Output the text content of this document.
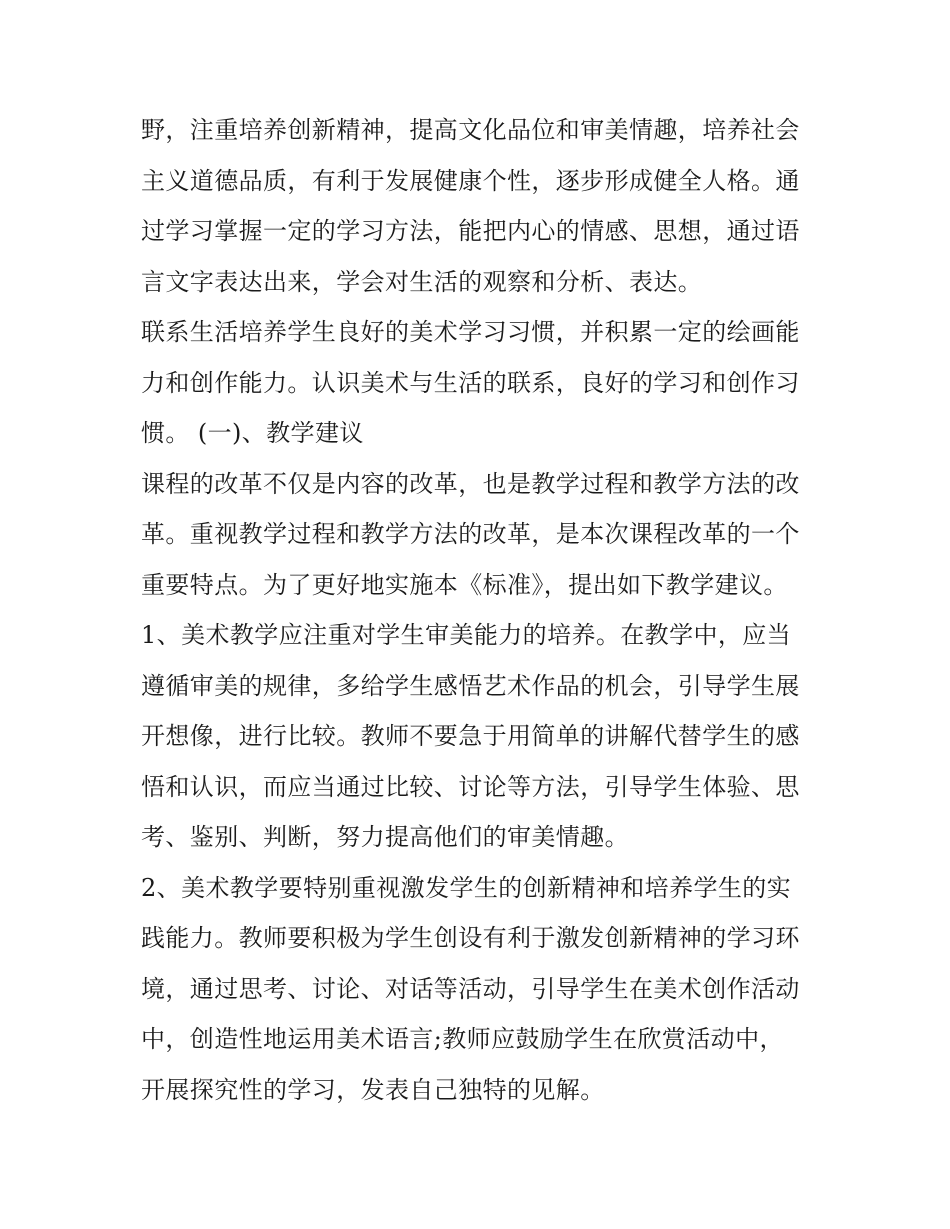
野，注重培养创新精神，提高文化品位和审美情趣，培养社会

主义道德品质，有利于发展健康个性，逐步形成健全人格。通

过学习掌握一定的学习方法，能把内心的情感、思想，通过语

言文字表达出来，学会对生活的观察和分析、表达。

联系生活培养学生良好的美术学习习惯，并积累一定的绘画能

力和创作能力。认识美术与生活的联系，良好的学习和创作习

惯。 (一)、教学建议

课程的改革不仅是内容的改革，也是教学过程和教学方法的改

革。重视教学过程和教学方法的改革，是本次课程改革的一个

重要特点。为了更好地实施本《标准》，提出如下教学建议。

1、美术教学应注重对学生审美能力的培养。在教学中，应当

遵循审美的规律，多给学生感悟艺术作品的机会，引导学生展

开想像，进行比较。教师不要急于用简单的讲解代替学生的感

悟和认识，而应当通过比较、讨论等方法，引导学生体验、思

考、鉴别、判断，努力提高他们的审美情趣。

2、美术教学要特别重视激发学生的创新精神和培养学生的实

践能力。教师要积极为学生创设有利于激发创新精神的学习环

境，通过思考、讨论、对话等活动，引导学生在美术创作活动

中，创造性地运用美术语言;教师应鼓励学生在欣赏活动中，

开展探究性的学习，发表自己独特的见解。
